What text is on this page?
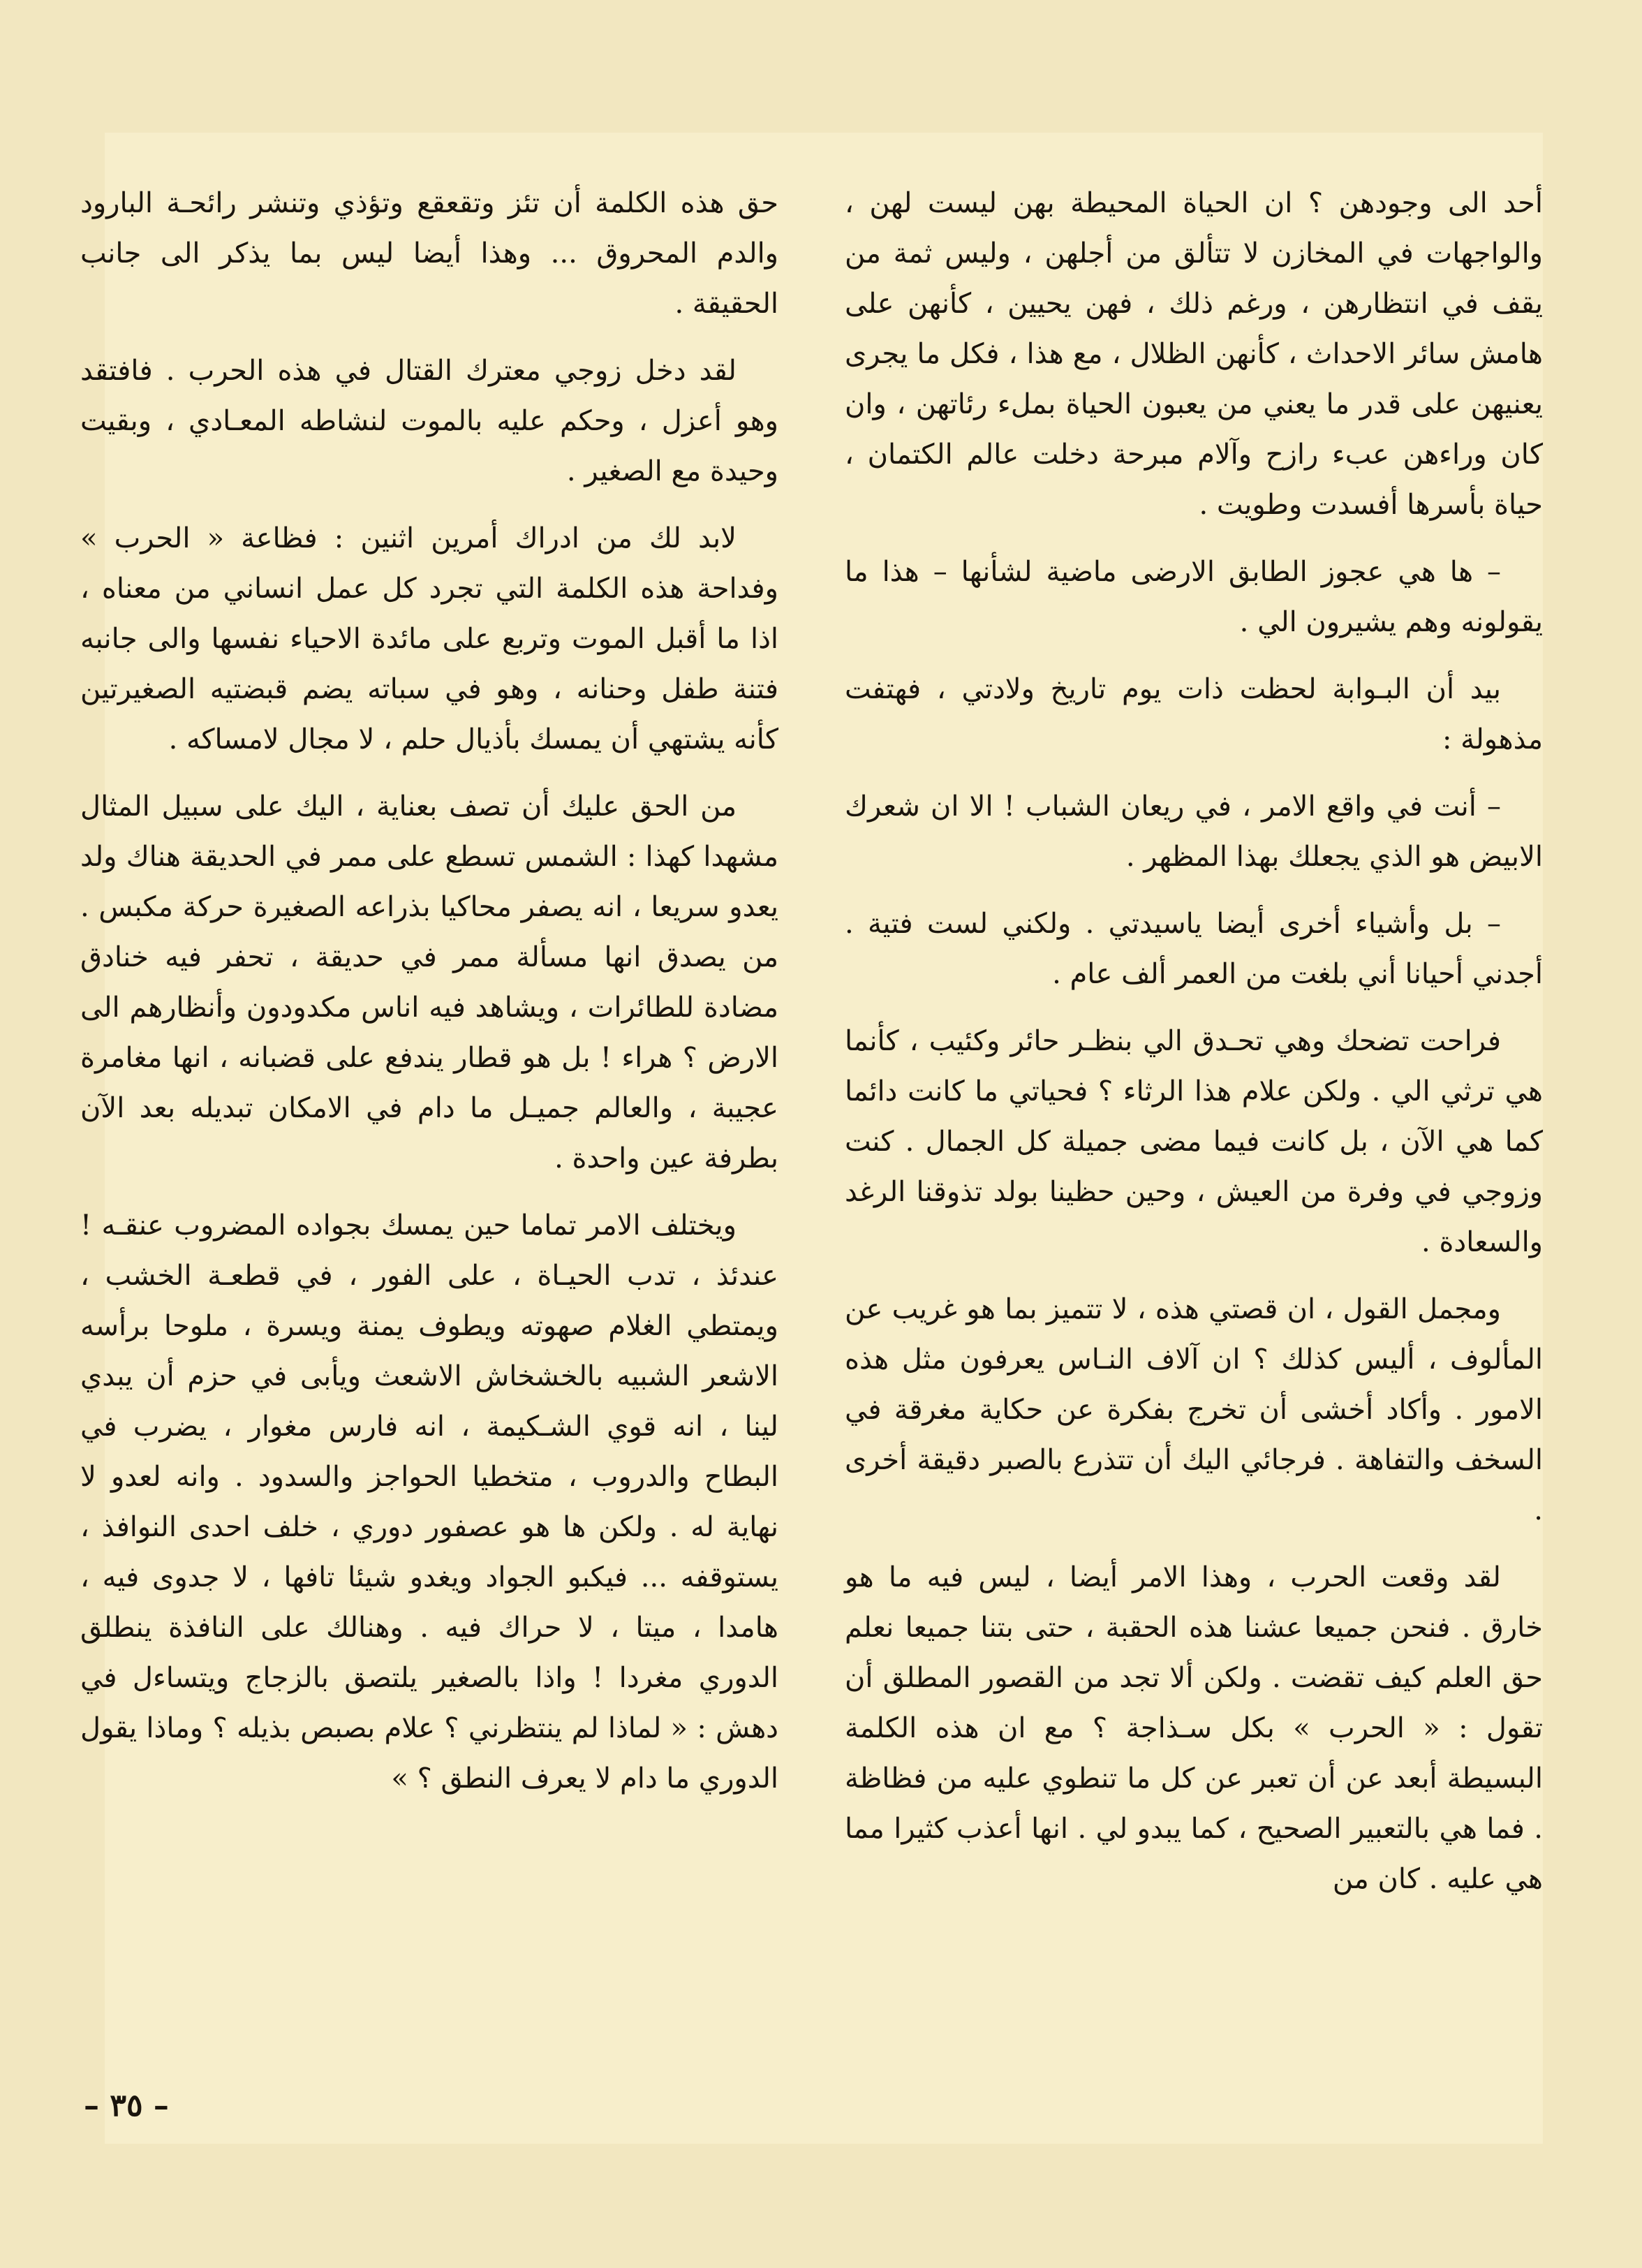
أحد الى وجودهن ؟ ان الحياة المحيطة بهن ليست لهن ، والواجهات في المخازن لا تتألق من أجلهن ، وليس ثمة من يقف في انتظارهن ، ورغم ذلك ، فهن يحيين ، كأنهن على هامش سائر الاحداث ، كأنهن الظلال ، مع هذا ، فكل ما يجرى يعنيهن على قدر ما يعني من يعبون الحياة بملء رئاتهن ، وان كان وراءهن عبء رازح وآلام مبرحة دخلت عالم الكتمان ، حياة بأسرها أفسدت وطويت .

– ها هي عجوز الطابق الارضى ماضية لشأنها – هذا ما يقولونه وهم يشيرون الي .

بيد أن البـوابة لحظت ذات يوم تاريخ ولادتي ، فهتفت مذهولة :

– أنت في واقع الامر ، في ريعان الشباب ! الا ان شعرك الابيض هو الذي يجعلك بهذا المظهر .

– بل وأشياء أخرى أيضا ياسيدتي . ولكني لست فتية . أجدني أحيانا أني بلغت من العمر ألف عام .

فراحت تضحك وهي تحـدق الي بنظـر حائر وكئيب ، كأنما هي ترثي الي . ولكن علام هذا الرثاء ؟ فحياتي ما كانت دائما كما هي الآن ، بل كانت فيما مضى جميلة كل الجمال . كنت وزوجي في وفرة من العيش ، وحين حظينا بولد تذوقنا الرغد والسعادة .

ومجمل القول ، ان قصتي هذه ، لا تتميز بما هو غريب عن المألوف ، أليس كذلك ؟ ان آلاف النـاس يعرفون مثل هذه الامور . وأكاد أخشى أن تخرج بفكرة عن حكاية مغرقة في السخف والتفاهة . فرجائي اليك أن تتذرع بالصبر دقيقة أخرى .

لقد وقعت الحرب ، وهذا الامر أيضا ، ليس فيه ما هو خارق . فنحن جميعا عشنا هذه الحقبة ، حتى بتنا جميعا نعلم حق العلم كيف تقضت . ولكن ألا تجد من القصور المطلق أن تقول : « الحرب » بكل سـذاجة ؟ مع ان هذه الكلمة البسيطة أبعد عن أن تعبر عن كل ما تنطوي عليه من فظاظة . فما هي بالتعبير الصحيح ، كما يبدو لي . انها أعذب كثيرا مما هي عليه . كان من

حق هذه الكلمة أن تئز وتقعقع وتؤذي وتنشر رائحـة البارود والدم المحروق ... وهذا أيضا ليس بما يذكر الى جانب الحقيقة .

لقد دخل زوجي معترك القتال في هذه الحرب . فافتقد وهو أعزل ، وحكم عليه بالموت لنشاطه المعـادي ، وبقيت وحيدة مع الصغير .

لابد لك من ادراك أمرين اثنين : فظاعة « الحرب » وفداحة هذه الكلمة التي تجرد كل عمل انساني من معناه ، اذا ما أقبل الموت وتربع على مائدة الاحياء نفسها والى جانبه فتنة طفل وحنانه ، وهو في سباته يضم قبضتيه الصغيرتين كأنه يشتهي أن يمسك بأذيال حلم ، لا مجال لامساكه .

من الحق عليك أن تصف بعناية ، اليك على سبيل المثال مشهدا كهذا : الشمس تسطع على ممر في الحديقة هناك ولد يعدو سريعا ، انه يصفر محاكيا بذراعه الصغيرة حركة مكبس . من يصدق انها مسألة ممر في حديقة ، تحفر فيه خنادق مضادة للطائرات ، ويشاهد فيه اناس مكدودون وأنظارهم الى الارض ؟ هراء ! بل هو قطار يندفع على قضبانه ، انها مغامرة عجيبة ، والعالم جميـل ما دام في الامكان تبديله بعد الآن بطرفة عين واحدة .

ويختلف الامر تماما حين يمسك بجواده المضروب عنقـه ! عندئذ ، تدب الحيـاة ، على الفور ، في قطعـة الخشب ، ويمتطي الغلام صهوته ويطوف يمنة ويسرة ، ملوحا برأسه الاشعر الشبيه بالخشخاش الاشعث ويأبى في حزم أن يبدي لينا ، انه قوي الشـكيمة ، انه فارس مغوار ، يضرب في البطاح والدروب ، متخطيا الحواجز والسدود . وانه لعدو لا نهاية له . ولكن ها هو عصفور دوري ، خلف احدى النوافذ ، يستوقفه ... فيكبو الجواد ويغدو شيئا تافها ، لا جدوى فيه ، هامدا ، ميتا ، لا حراك فيه . وهنالك على النافذة ينطلق الدوري مغردا ! واذا بالصغير يلتصق بالزجاج ويتساءل في دهش : « لماذا لم ينتظرني ؟ علام بصبص بذيله ؟ وماذا يقول الدوري ما دام لا يعرف النطق ؟ »

– ٣٥ –
